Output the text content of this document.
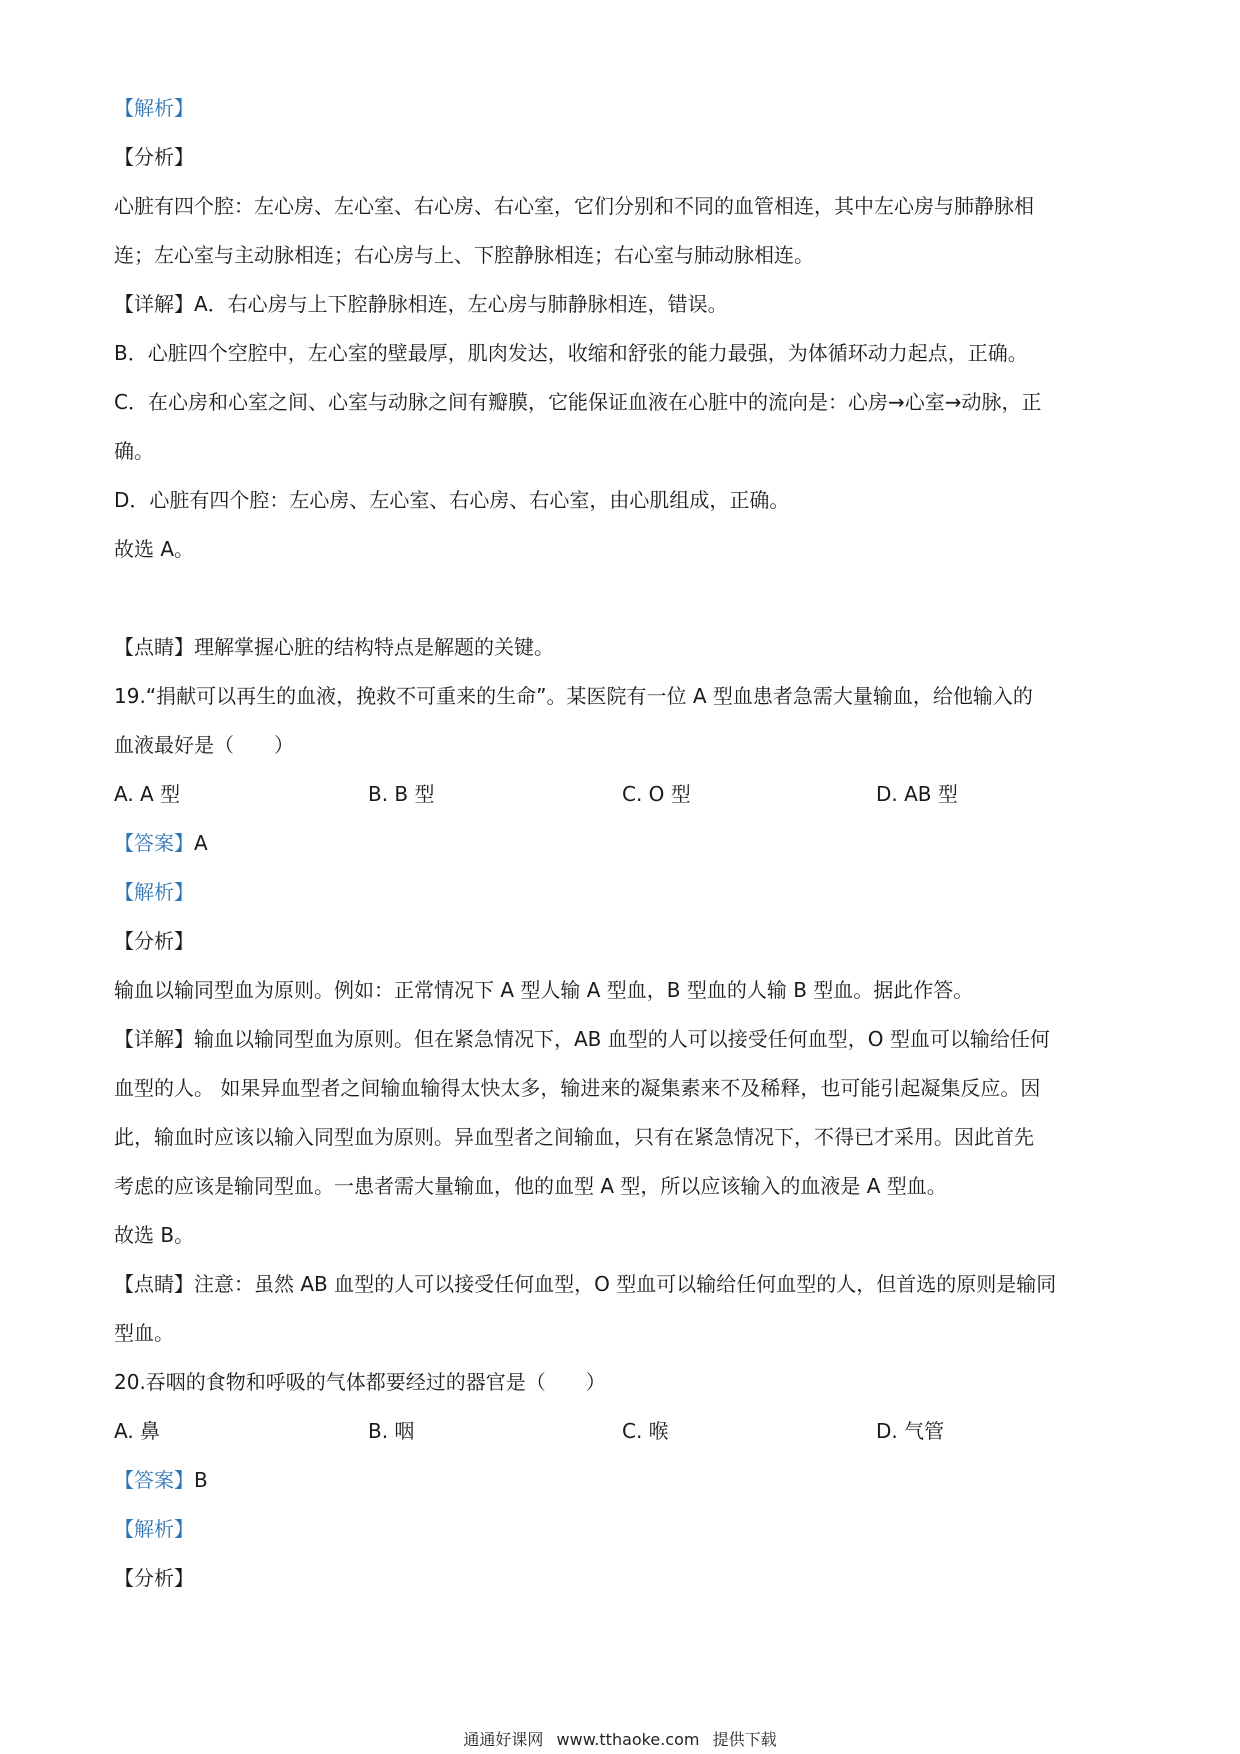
【解析】
【分析】
心脏有四个腔：左心房、左心室、右心房、右心室，它们分别和不同的血管相连，其中左心房与肺静脉相
连；左心室与主动脉相连；右心房与上、下腔静脉相连；右心室与肺动脉相连。
【详解】A．右心房与上下腔静脉相连，左心房与肺静脉相连，错误。
B．心脏四个空腔中，左心室的壁最厚，肌肉发达，收缩和舒张的能力最强，为体循环动力起点，正确。
C．在心房和心室之间、心室与动脉之间有瓣膜，它能保证血液在心脏中的流向是：心房→心室→动脉，正
确。
D．心脏有四个腔：左心房、左心室、右心房、右心室，由心肌组成，正确。
故选 A。
【点睛】理解掌握心脏的结构特点是解题的关键。
19.“捐献可以再生的血液，挽救不可重来的生命”。某医院有一位 A 型血患者急需大量输血，给他输入的
血液最好是（　　）
A. A 型	B. B 型	C. O 型	D. AB 型
【答案】A
【解析】
【分析】
输血以输同型血为原则。例如：正常情况下 A 型人输 A 型血，B 型血的人输 B 型血。据此作答。
【详解】输血以输同型血为原则。但在紧急情况下，AB 血型的人可以接受任何血型，O 型血可以输给任何
血型的人。 如果异血型者之间输血输得太快太多，输进来的凝集素来不及稀释，也可能引起凝集反应。因
此，输血时应该以输入同型血为原则。异血型者之间输血，只有在紧急情况下，不得已才采用。因此首先
考虑的应该是输同型血。一患者需大量输血，他的血型 A 型，所以应该输入的血液是 A 型血。
故选 B。
【点睛】注意：虽然 AB 血型的人可以接受任何血型，O 型血可以输给任何血型的人，但首选的原则是输同
型血。
20.吞咽的食物和呼吸的气体都要经过的器官是（　　）
A. 鼻	B. 咽	C. 喉	D. 气管
【答案】B
【解析】
【分析】
通通好课网 www.tthaoke.com 提供下载
